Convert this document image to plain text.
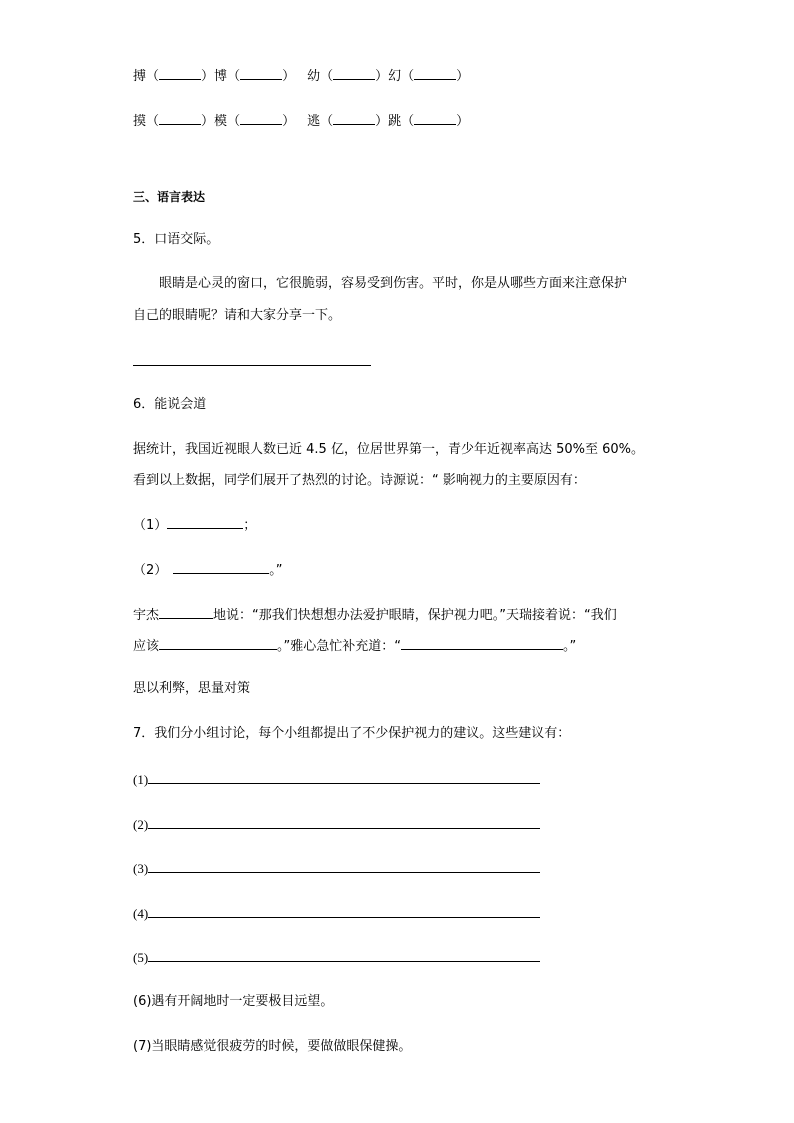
搏（	）博（	） 幼（	）幻（	）
摸（	）模（	） 逃（	）跳（	）
三、语言表达
5．口语交际。
眼睛是心灵的窗口，它很脆弱，容易受到伤害。平时，你是从哪些方面来注意保护
自己的眼睛呢？请和大家分享一下。
6．能说会道
据统计，我国近视眼人数已近 4.5 亿，位居世界第一，青少年近视率高达 50%至 60%。
看到以上数据，同学们展开了热烈的讨论。诗源说：“ 影响视力的主要原因有：
（1）	；
（2）	。”
宇杰	地说：“那我们快想想办法爱护眼睛，保护视力吧。”天瑞接着说：“我们
应该	。”雅心急忙补充道：“	。”
思以利弊，思量对策
7．我们分小组讨论，每个小组都提出了不少保护视力的建议。这些建议有：
(1)
(2)
(3)
(4)
(5)
(6)遇有开阔地时一定要极目远望。
(7)当眼睛感觉很疲劳的时候，要做做眼保健操。
